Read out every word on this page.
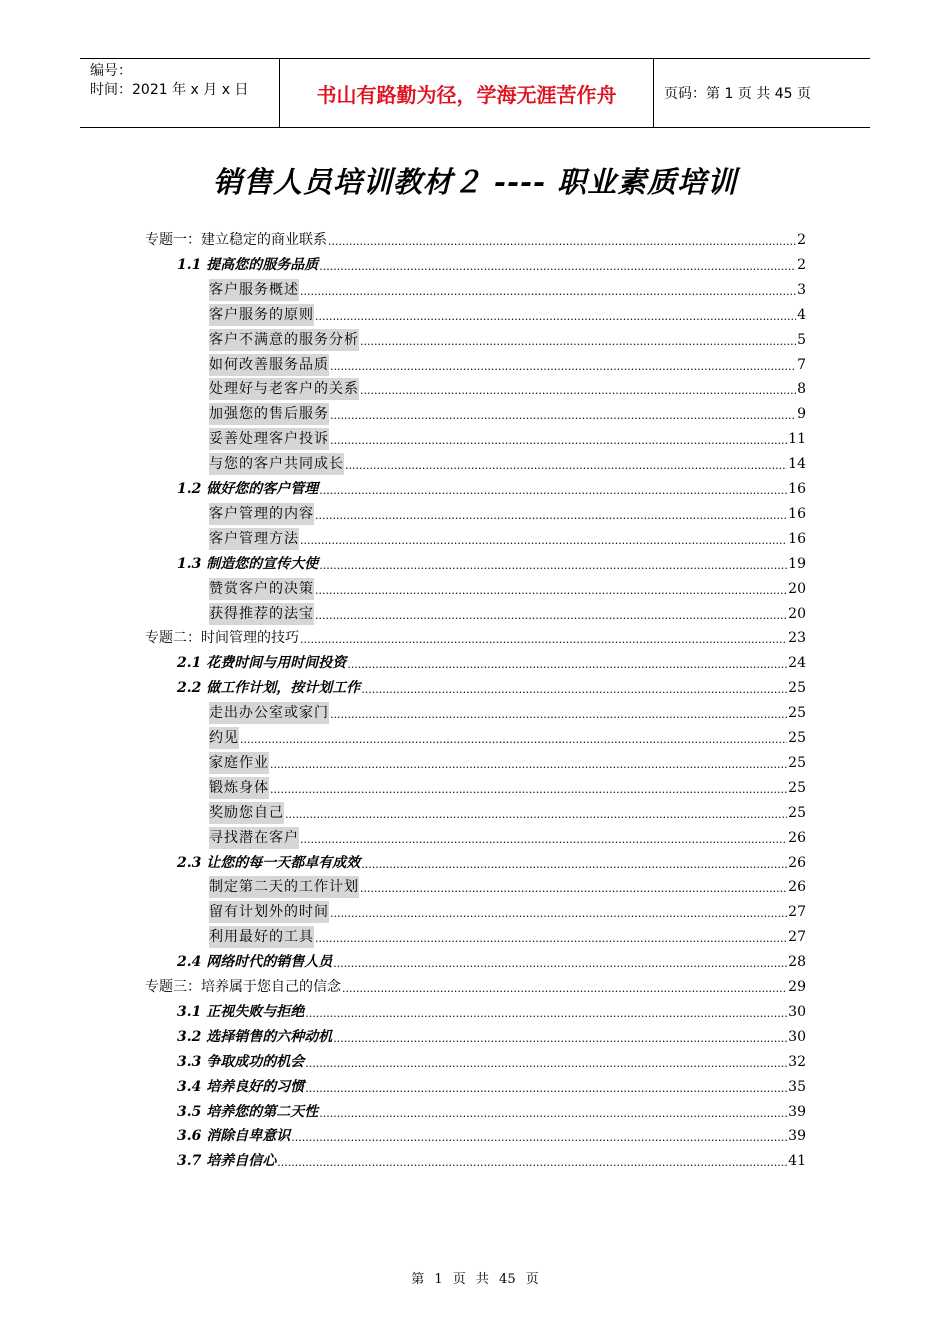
编号：
时间：2021 年 x 月 x 日	书山有路勤为径，学海无涯苦作舟	页码：第 1 页 共 45 页
销售人员培训教材２ ---- 职业素质培训
专题一：建立稳定的商业联系 .....	2
1.1 提高您的服务品质 .....	2
客户服务概述 .....	3
客户服务的原则 .....	4
客户不满意的服务分析 .....	5
如何改善服务品质 .....	7
处理好与老客户的关系 .....	8
加强您的售后服务 .....	9
妥善处理客户投诉 .....	11
与您的客户共同成长 .....	14
1.2 做好您的客户管理 .....	16
客户管理的内容 .....	16
客户管理方法 .....	16
1.3 制造您的宣传大使 .....	19
赞赏客户的决策 .....	20
获得推荐的法宝 .....	20
专题二：时间管理的技巧 .....	23
2.1 花费时间与用时间投资 .....	24
2.2 做工作计划，按计划工作 .....	25
走出办公室或家门 .....	25
约见 .....	25
家庭作业 .....	25
锻炼身体 .....	25
奖励您自己 .....	25
寻找潜在客户 .....	26
2.3 让您的每一天都卓有成效 .....	26
制定第二天的工作计划 .....	26
留有计划外的时间 .....	27
利用最好的工具 .....	27
2.4 网络时代的销售人员 .....	28
专题三：培养属于您自己的信念 .....	29
3.1 正视失败与拒绝 .....	30
3.2 选择销售的六种动机 .....	30
3.3 争取成功的机会 .....	32
3.4 培养良好的习惯 .....	35
3.5 培养您的第二天性 .....	39
3.6 消除自卑意识 .....	39
3.7 培养自信心 .....	41
第 1 页 共 45 页
